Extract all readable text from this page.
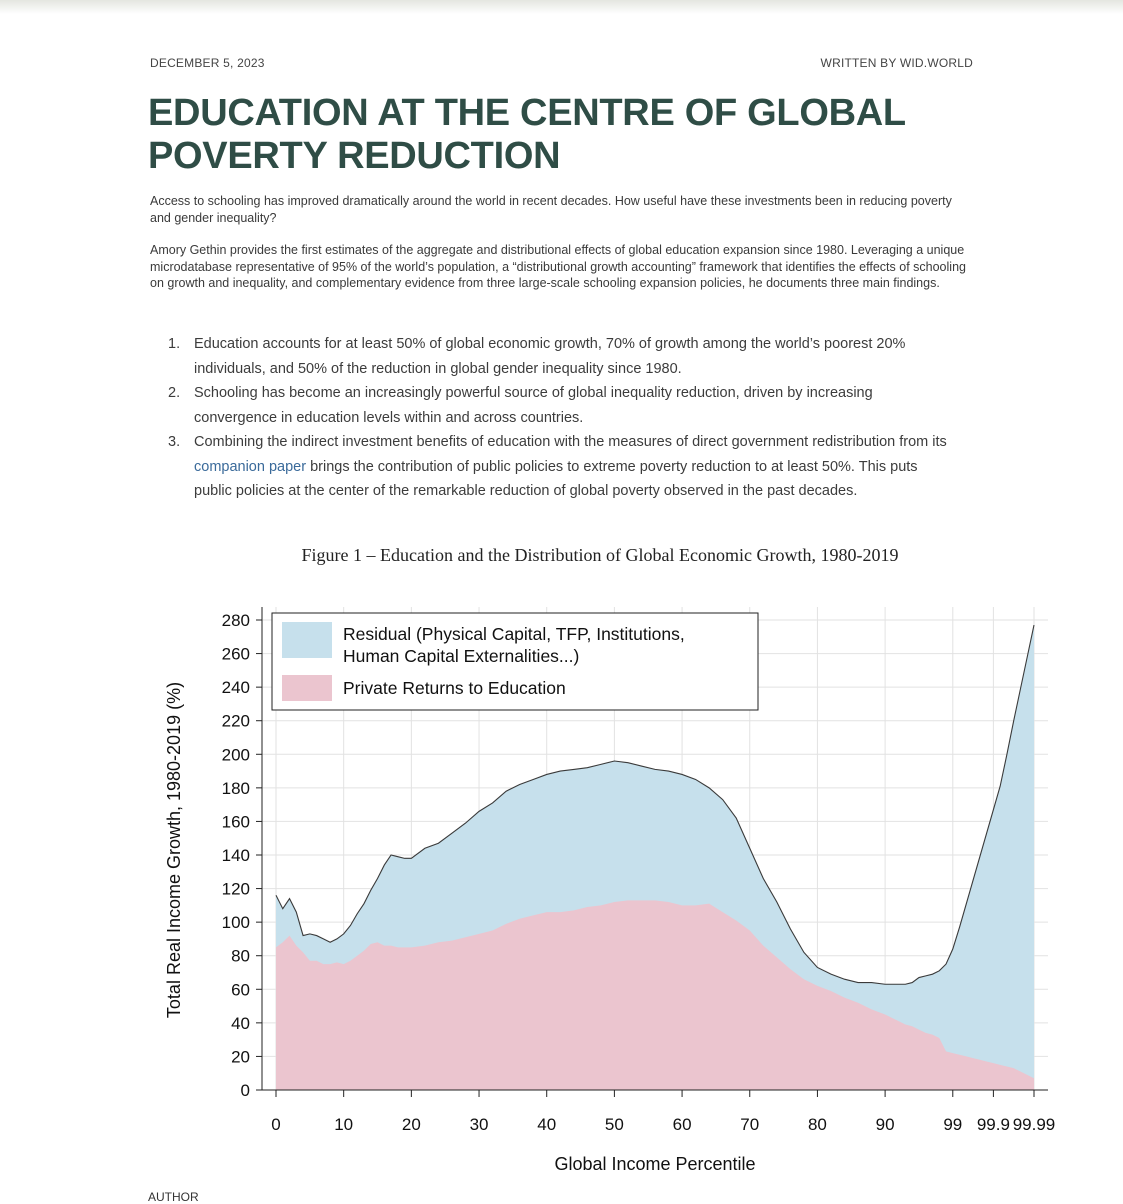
DECEMBER 5, 2023	WRITTEN BY WID.WORLD
EDUCATION AT THE CENTRE OF GLOBAL POVERTY REDUCTION

Access to schooling has improved dramatically around the world in recent decades. How useful have these investments been in reducing poverty and gender inequality?

Amory Gethin provides the first estimates of the aggregate and distributional effects of global education expansion since 1980. Leveraging a unique microdatabase representative of 95% of the world’s population, a “distributional growth accounting” framework that identifies the effects of schooling on growth and inequality, and complementary evidence from three large-scale schooling expansion policies, he documents three main findings.

1. Education accounts for at least 50% of global economic growth, 70% of growth among the world’s poorest 20% individuals, and 50% of the reduction in global gender inequality since 1980.
2. Schooling has become an increasingly powerful source of global inequality reduction, driven by increasing convergence in education levels within and across countries.
3. Combining the indirect investment benefits of education with the measures of direct government redistribution from its companion paper brings the contribution of public policies to extreme poverty reduction to at least 50%. This puts public policies at the center of the remarkable reduction of global poverty observed in the past decades.
Figure 1 – Education and the Distribution of Global Economic Growth, 1980-2019
0
20
40
60
80
100
120
140
160
180
200
220
240
260
280
0	10	20	30	40	50	60	70	80	90	99 99.9 99.99
Global Income Percentile
Total Real Income Growth, 1980-2019 (%)
Residual (Physical Capital, TFP, Institutions,
Human Capital Externalities...)
Private Returns to Education
AUTHOR
